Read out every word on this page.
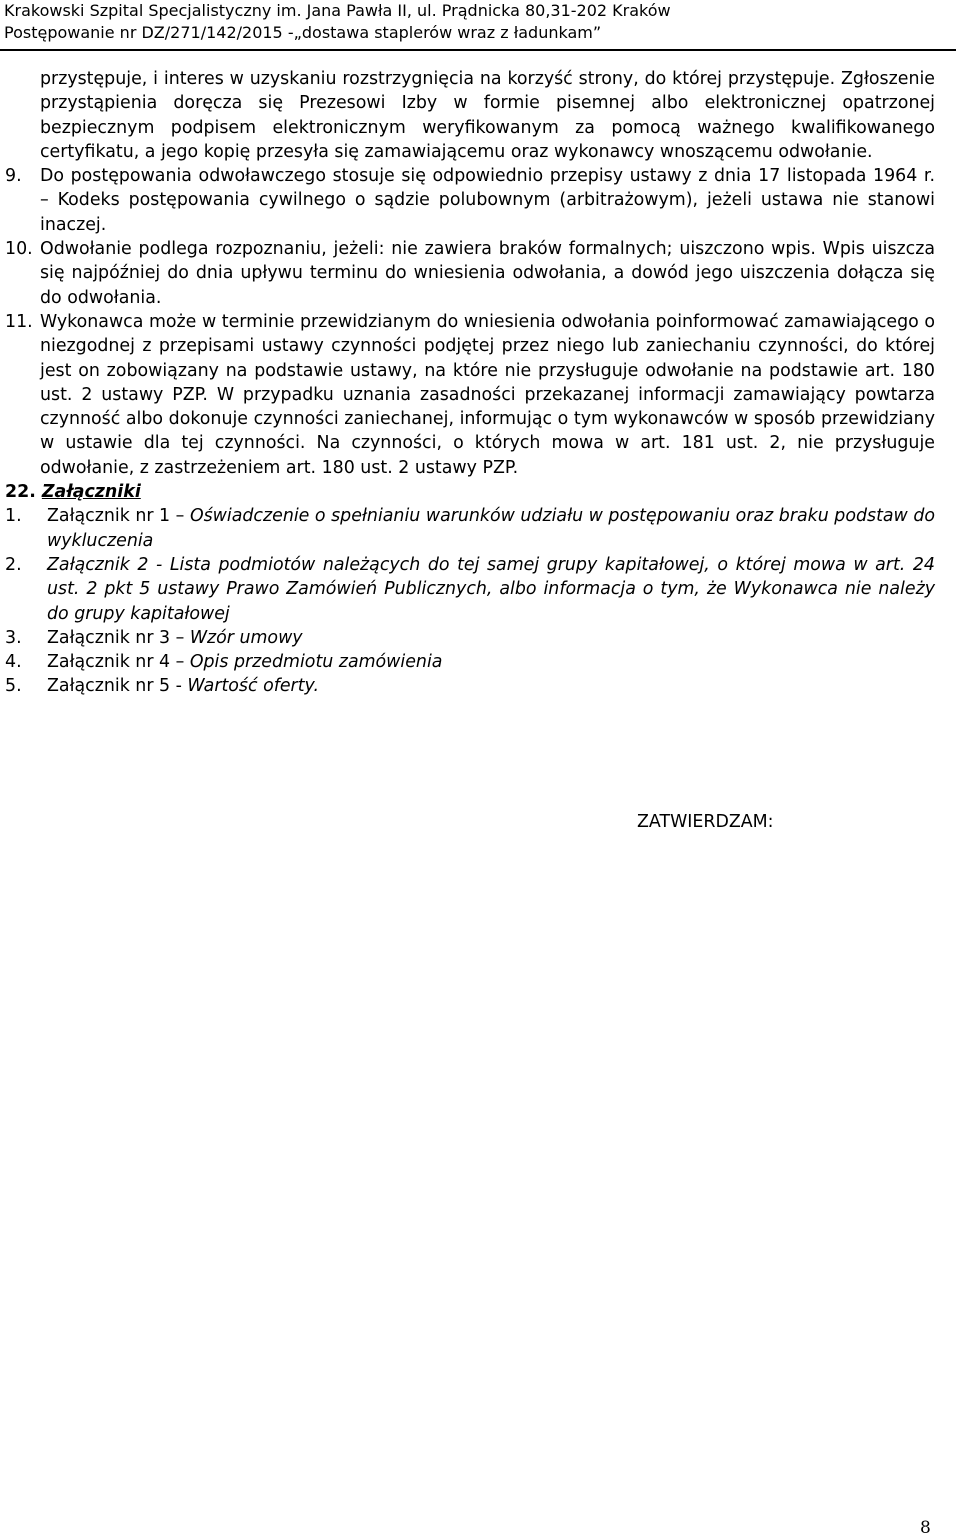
Krakowski Szpital Specjalistyczny im. Jana Pawła II, ul. Prądnicka 80,31-202 Kraków
Postępowanie nr DZ/271/142/2015 -„dostawa staplerów wraz z ładunkam”

przystępuje, i interes w uzyskaniu rozstrzygnięcia na korzyść strony, do której przystępuje. Zgłoszenie przystąpienia doręcza się Prezesowi Izby w formie pisemnej albo elektronicznej opatrzonej bezpiecznym podpisem elektronicznym weryfikowanym za pomocą ważnego kwalifikowanego certyfikatu, a jego kopię przesyła się zamawiającemu oraz wykonawcy wnoszącemu odwołanie.

9.	Do postępowania odwoławczego stosuje się odpowiednio przepisy ustawy z dnia 17 listopada 1964 r. – Kodeks postępowania cywilnego o sądzie polubownym (arbitrażowym), jeżeli ustawa nie stanowi inaczej.
10. Odwołanie podlega rozpoznaniu, jeżeli: nie zawiera braków formalnych; uiszczono wpis. Wpis uiszcza się najpóźniej do dnia upływu terminu do wniesienia odwołania, a dowód jego uiszczenia dołącza się do odwołania.
11. Wykonawca może w terminie przewidzianym do wniesienia odwołania poinformować zamawiającego o niezgodnej z przepisami ustawy czynności podjętej przez niego lub zaniechaniu czynności, do której jest on zobowiązany na podstawie ustawy, na które nie przysługuje odwołanie na podstawie art. 180 ust. 2 ustawy PZP. W przypadku uznania zasadności przekazanej informacji zamawiający powtarza czynność albo dokonuje czynności zaniechanej, informując o tym wykonawców w sposób przewidziany w ustawie dla tej czynności. Na czynności, o których mowa w art. 181 ust. 2, nie przysługuje odwołanie, z zastrzeżeniem art. 180 ust. 2 ustawy PZP.
22. Załączniki
1.	Załącznik nr 1 – Oświadczenie o spełnianiu warunków udziału w postępowaniu oraz braku podstaw do wykluczenia
2.	Załącznik 2 - Lista podmiotów należących do tej samej grupy kapitałowej, o której mowa w art. 24 ust. 2 pkt 5 ustawy Prawo Zamówień Publicznych, albo informacja o tym, że Wykonawca nie należy do grupy kapitałowej
3.	Załącznik nr 3 – Wzór umowy
4.	Załącznik nr 4 – Opis przedmiotu zamówienia
5.	Załącznik nr 5 - Wartość oferty.
ZATWIERDZAM:
8
